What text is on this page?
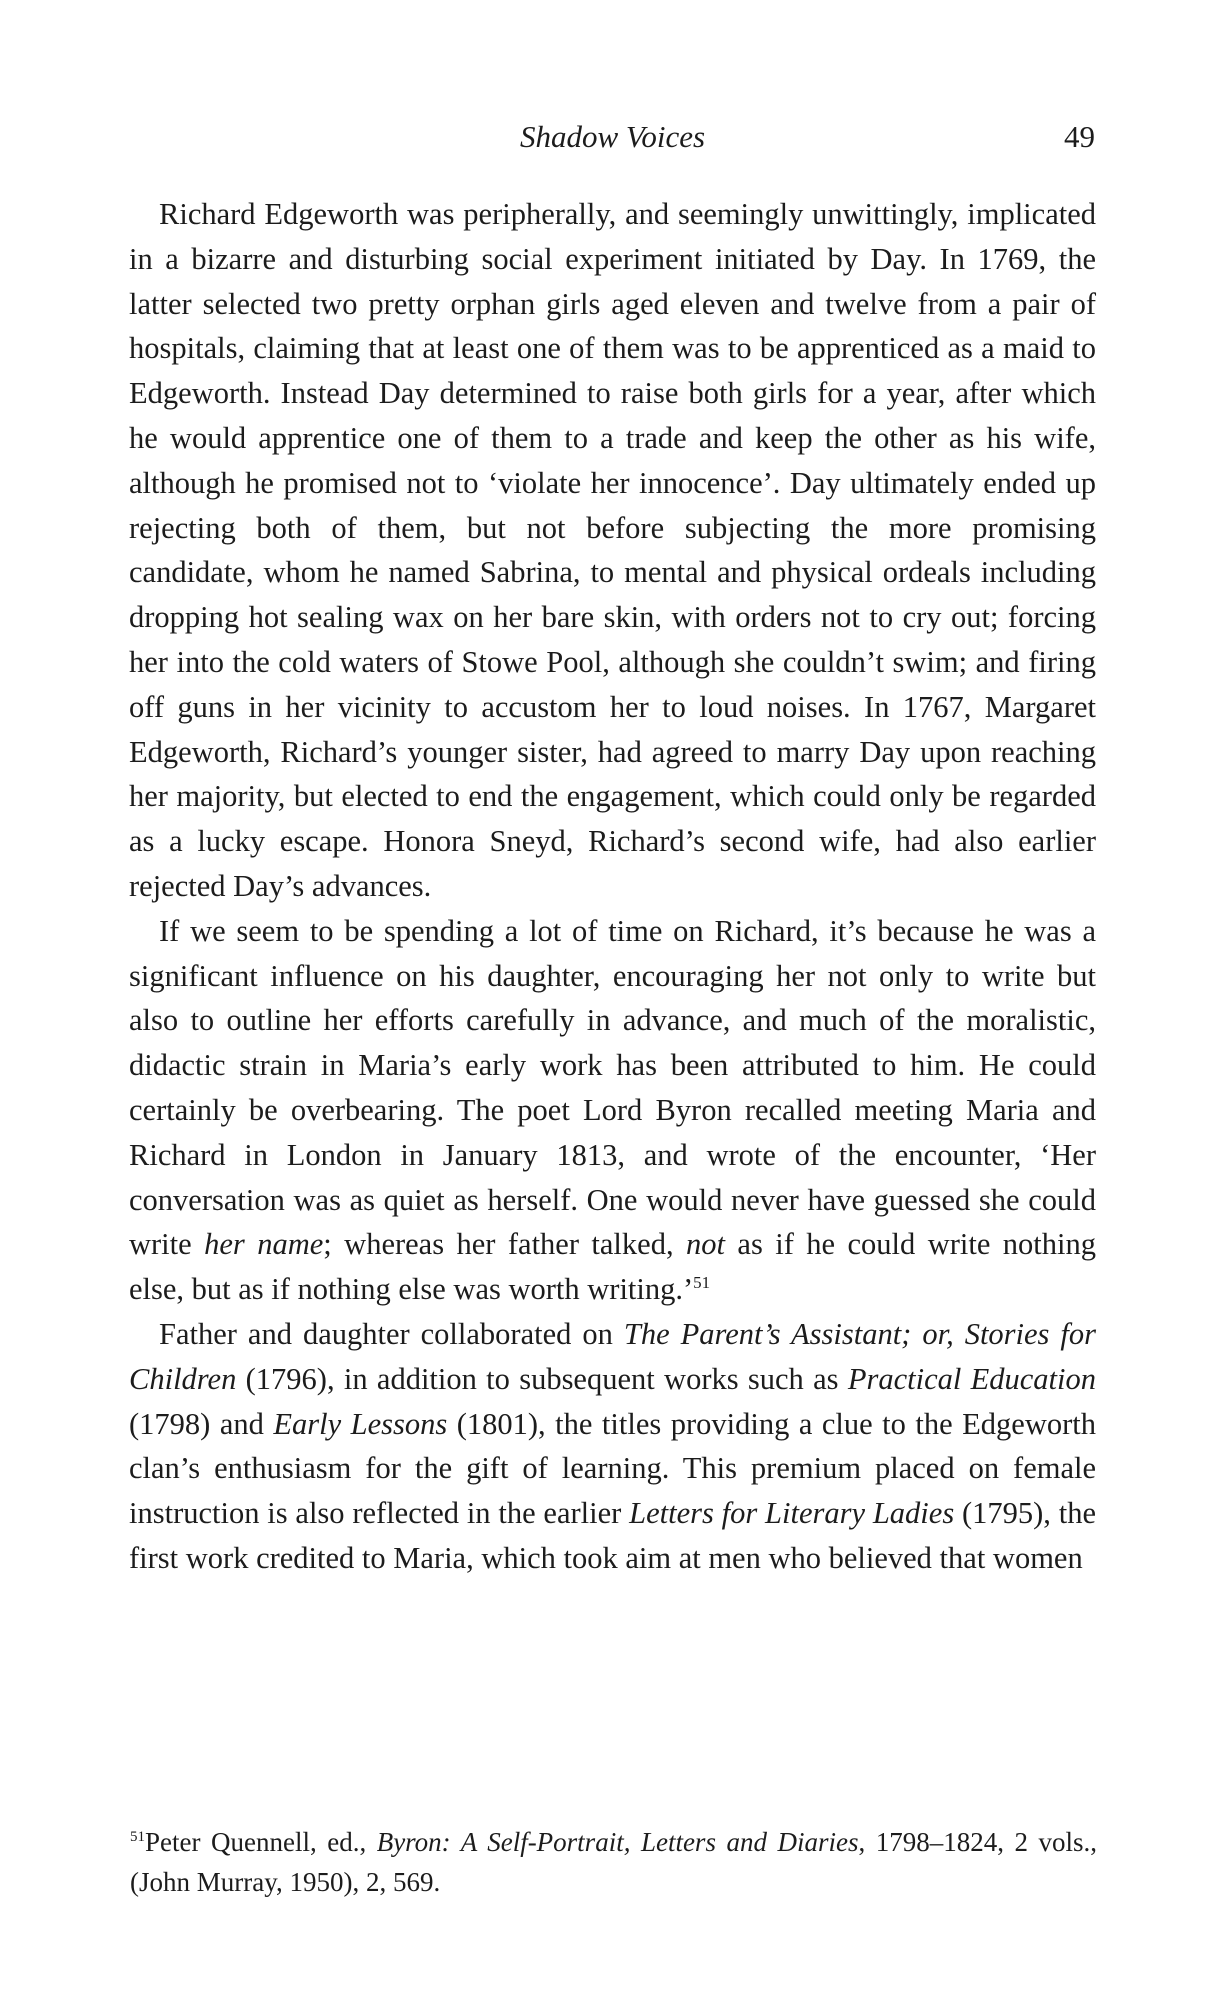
Shadow Voices	49

Richard Edgeworth was peripherally, and seemingly unwittingly, implicated in a bizarre and disturbing social experiment initiated by Day. In 1769, the latter selected two pretty orphan girls aged eleven and twelve from a pair of hospitals, claiming that at least one of them was to be apprenticed as a maid to Edgeworth. Instead Day determined to raise both girls for a year, after which he would apprentice one of them to a trade and keep the other as his wife, although he promised not to ‘violate her innocence’. Day ultimately ended up rejecting both of them, but not before subjecting the more promising candidate, whom he named Sabrina, to mental and physical ordeals including dropping hot sealing wax on her bare skin, with orders not to cry out; forcing her into the cold waters of Stowe Pool, although she couldn’t swim; and firing off guns in her vicinity to accustom her to loud noises. In 1767, Margaret Edgeworth, Richard’s younger sister, had agreed to marry Day upon reaching her majority, but elected to end the engagement, which could only be regarded as a lucky escape. Honora Sneyd, Richard’s second wife, had also earlier rejected Day’s advances.

If we seem to be spending a lot of time on Richard, it’s because he was a significant influence on his daughter, encouraging her not only to write but also to outline her efforts carefully in advance, and much of the moralistic, didactic strain in Maria’s early work has been attributed to him. He could certainly be overbearing. The poet Lord Byron recalled meeting Maria and Richard in London in January 1813, and wrote of the encounter, ‘Her conversation was as quiet as herself. One would never have guessed she could write her name; whereas her father talked, not as if he could write nothing else, but as if nothing else was worth writing.’$^{51}$

Father and daughter collaborated on The Parent’s Assistant; or, Stories for Children (1796), in addition to subsequent works such as Practical Education (1798) and Early Lessons (1801), the titles providing a clue to the Edgeworth clan’s enthusiasm for the gift of learning. This premium placed on female instruction is also reflected in the earlier Letters for Literary Ladies (1795), the first work credited to Maria, which took aim at men who believed that women

$^{51}$Peter Quennell, ed., Byron: A Self-Portrait, Letters and Diaries, 1798–1824, 2 vols., (John Murray, 1950), 2, 569.
